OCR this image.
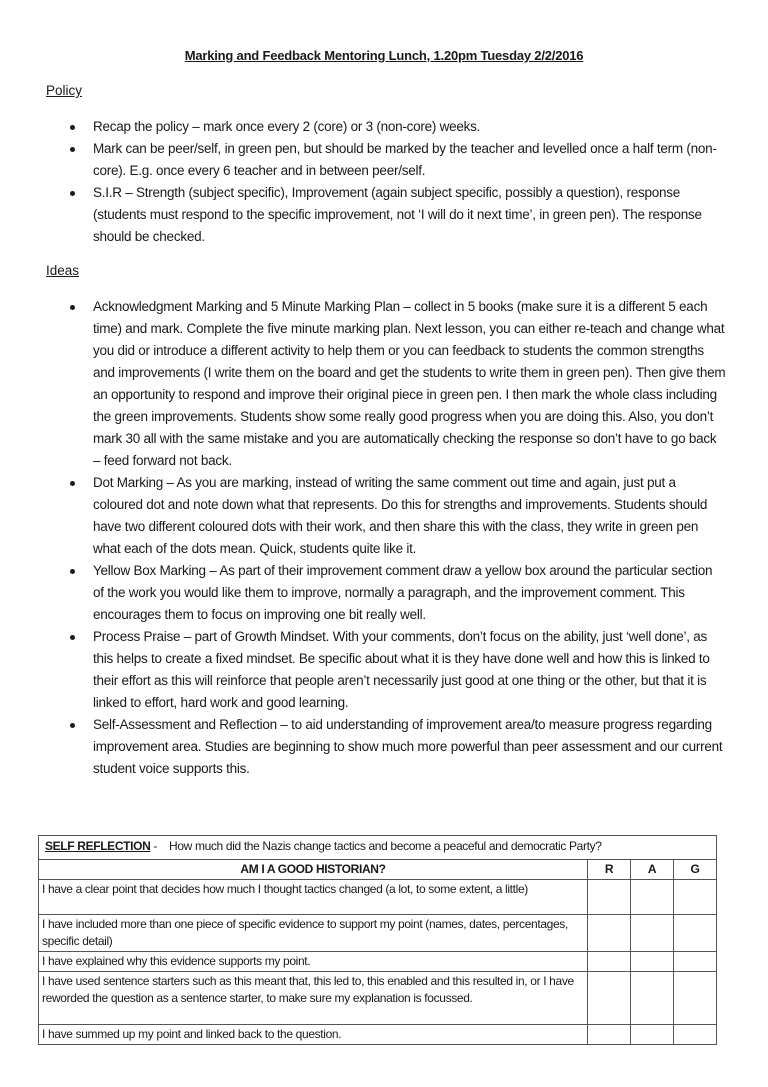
Marking and Feedback Mentoring Lunch, 1.20pm Tuesday 2/2/2016
Policy
Recap the policy – mark once every 2 (core) or 3 (non-core) weeks.
Mark can be peer/self, in green pen, but should be marked by the teacher and levelled once a half term (non-core). E.g. once every 6 teacher and in between peer/self.
S.I.R – Strength (subject specific), Improvement (again subject specific, possibly a question), response (students must respond to the specific improvement, not ‘I will do it next time’, in green pen). The response should be checked.
Ideas
Acknowledgment Marking and 5 Minute Marking Plan – collect in 5 books (make sure it is a different 5 each time) and mark. Complete the five minute marking plan. Next lesson, you can either re-teach and change what you did or introduce a different activity to help them or you can feedback to students the common strengths and improvements (I write them on the board and get the students to write them in green pen). Then give them an opportunity to respond and improve their original piece in green pen. I then mark the whole class including the green improvements. Students show some really good progress when you are doing this. Also, you don’t mark 30 all with the same mistake and you are automatically checking the response so don’t have to go back – feed forward not back.
Dot Marking – As you are marking, instead of writing the same comment out time and again, just put a coloured dot and note down what that represents. Do this for strengths and improvements. Students should have two different coloured dots with their work, and then share this with the class, they write in green pen what each of the dots mean. Quick, students quite like it.
Yellow Box Marking – As part of their improvement comment draw a yellow box around the particular section of the work you would like them to improve, normally a paragraph, and the improvement comment. This encourages them to focus on improving one bit really well.
Process Praise – part of Growth Mindset. With your comments, don’t focus on the ability, just ‘well done’, as this helps to create a fixed mindset. Be specific about what it is they have done well and how this is linked to their effort as this will reinforce that people aren’t necessarily just good at one thing or the other, but that it is linked to effort, hard work and good learning.
Self-Assessment and Reflection – to aid understanding of improvement area/to measure progress regarding improvement area. Studies are beginning to show much more powerful than peer assessment and our current student voice supports this.
SELF REFLECTION - How much did the Nazis change tactics and become a peaceful and democratic Party?			
AM I A GOOD HISTORIAN?	R	A	G
I have a clear point that decides how much I thought tactics changed (a lot, to some extent, a little)			
I have included more than one piece of specific evidence to support my point (names, dates, percentages, specific detail)			
I have explained why this evidence supports my point.			
I have used sentence starters such as this meant that, this led to, this enabled and this resulted in, or I have reworded the question as a sentence starter, to make sure my explanation is focussed.			
I have summed up my point and linked back to the question.			
